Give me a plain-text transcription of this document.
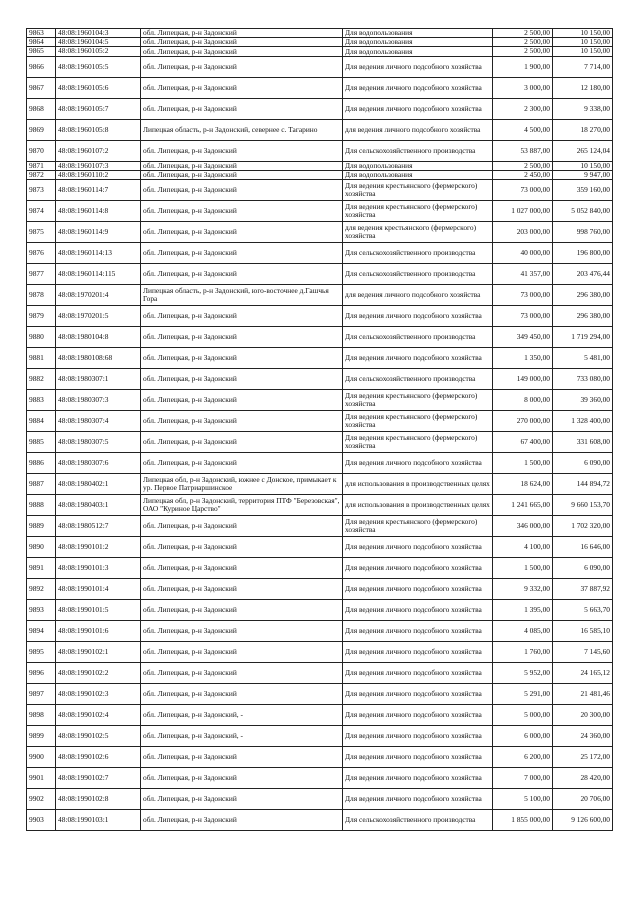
9863	48:08:1960104:3	обл. Липецкая, р-н Задонский	Для водопользования	2 500,00	10 150,00
9864	48:08:1960104:5	обл. Липецкая, р-н Задонский	Для водопользования	2 500,00	10 150,00
9865	48:08:1960105:2	обл. Липецкая, р-н Задонский	Для водопользования	2 500,00	10 150,00
9866	48:08:1960105:5	обл. Липецкая, р-н Задонский	Для ведения личного подсобного хозяйства	1 900,00	7 714,00
9867	48:08:1960105:6	обл. Липецкая, р-н Задонский	Для ведения личного подсобного хозяйства	3 000,00	12 180,00
9868	48:08:1960105:7	обл. Липецкая, р-н Задонский	Для ведения личного подсобного хозяйства	2 300,00	9 338,00
9869	48:08:1960105:8	Липецкая область, р-н Задонский, севернее с. Тагарино	для ведения личного подсобного хозяйства	4 500,00	18 270,00
9870	48:08:1960107:2	обл. Липецкая, р-н Задонский	Для сельскохозяйственного производства	53 887,00	265 124,04
9871	48:08:1960107:3	обл. Липецкая, р-н Задонский	Для водопользования	2 500,00	10 150,00
9872	48:08:1960110:2	обл. Липецкая, р-н Задонский	Для водопользования	2 450,00	9 947,00
9873	48:08:1960114:7	обл. Липецкая, р-н Задонский	Для ведения крестьянского (фермерского) хозяйства	73 000,00	359 160,00
9874	48:08:1960114:8	обл. Липецкая, р-н Задонский	Для ведения крестьянского (фермерского) хозяйства	1 027 000,00	5 052 840,00
9875	48:08:1960114:9	обл. Липецкая, р-н Задонский	для ведения крестьянского (фермерского) хозяйства	203 000,00	998 760,00
9876	48:08:1960114:13	обл. Липецкая, р-н Задонский	Для сельскохозяйственного производства	40 000,00	196 800,00
9877	48:08:1960114:115	обл. Липецкая, р-н Задонский	Для сельскохозяйственного производства	41 357,00	203 476,44
9878	48:08:1970201:4	Липецкая область, р-н Задонский, юго-восточнее д.Гашчья Гора	для ведения личного подсобного хозяйства	73 000,00	296 380,00
9879	48:08:1970201:5	обл. Липецкая, р-н Задонский	Для ведения личного подсобного хозяйства	73 000,00	296 380,00
9880	48:08:1980104:8	обл. Липецкая, р-н Задонский	Для сельскохозяйственного производства	349 450,00	1 719 294,00
9881	48:08:1980108:68	обл. Липецкая, р-н Задонский	Для ведения личного подсобного хозяйства	1 350,00	5 481,00
9882	48:08:1980307:1	обл. Липецкая, р-н Задонский	Для сельскохозяйственного производства	149 000,00	733 080,00
9883	48:08:1980307:3	обл. Липецкая, р-н Задонский	Для ведения крестьянского (фермерского) хозяйства	8 000,00	39 360,00
9884	48:08:1980307:4	обл. Липецкая, р-н Задонский	Для ведения крестьянского (фермерского) хозяйства	270 000,00	1 328 400,00
9885	48:08:1980307:5	обл. Липецкая, р-н Задонский	Для ведения крестьянского (фермерского) хозяйства	67 400,00	331 608,00
9886	48:08:1980307:6	обл. Липецкая, р-н Задонский	Для ведения личного подсобного хозяйства	1 500,00	6 090,00
9887	48:08:1980402:1	Липецкая обл, р-н Задонский, южнее с Донское, примыкает к ур. Первое Патриаршинское	для использования в производственных целях	18 624,00	144 894,72
9888	48:08:1980403:1	Липецкая обл, р-н Задонский, территория ПТФ "Березовская", ОАО "Куриное Царство"	для использования в производственных целях	1 241 665,00	9 660 153,70
9889	48:08:1980512:7	обл. Липецкая, р-н Задонский	Для ведения крестьянского (фермерского) хозяйства	346 000,00	1 702 320,00
9890	48:08:1990101:2	обл. Липецкая, р-н Задонский	Для ведения личного подсобного хозяйства	4 100,00	16 646,00
9891	48:08:1990101:3	обл. Липецкая, р-н Задонский	Для ведения личного подсобного хозяйства	1 500,00	6 090,00
9892	48:08:1990101:4	обл. Липецкая, р-н Задонский	Для ведения личного подсобного хозяйства	9 332,00	37 887,92
9893	48:08:1990101:5	обл. Липецкая, р-н Задонский	Для ведения личного подсобного хозяйства	1 395,00	5 663,70
9894	48:08:1990101:6	обл. Липецкая, р-н Задонский	Для ведения личного подсобного хозяйства	4 085,00	16 585,10
9895	48:08:1990102:1	обл. Липецкая, р-н Задонский	Для ведения личного подсобного хозяйства	1 760,00	7 145,60
9896	48:08:1990102:2	обл. Липецкая, р-н Задонский	Для ведения личного подсобного хозяйства	5 952,00	24 165,12
9897	48:08:1990102:3	обл. Липецкая, р-н Задонский	Для ведения личного подсобного хозяйства	5 291,00	21 481,46
9898	48:08:1990102:4	обл. Липецкая, р-н Задонский, -	Для ведения личного подсобного хозяйства	5 000,00	20 300,00
9899	48:08:1990102:5	обл. Липецкая, р-н Задонский, -	Для ведения личного подсобного хозяйства	6 000,00	24 360,00
9900	48:08:1990102:6	обл. Липецкая, р-н Задонский	Для ведения личного подсобного хозяйства	6 200,00	25 172,00
9901	48:08:1990102:7	обл. Липецкая, р-н Задонский	Для ведения личного подсобного хозяйства	7 000,00	28 420,00
9902	48:08:1990102:8	обл. Липецкая, р-н Задонский	Для ведения личного подсобного хозяйства	5 100,00	20 706,00
9903	48:08:1990103:1	обл. Липецкая, р-н Задонский	Для сельскохозяйственного производства	1 855 000,00	9 126 600,00
